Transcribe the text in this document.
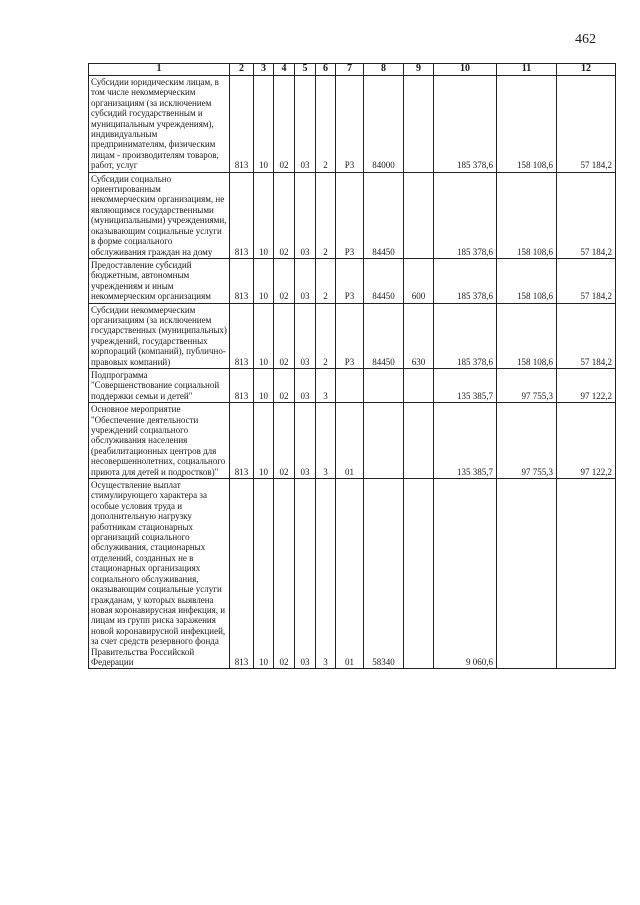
462
1	2	3	4	5	6	7	8	9	10	11	12
Субсидии юридическим лицам, в том числе некоммерческим организациям (за исключением субсидий государственным и муниципальным учреждениям), индивидуальным предпринимателям, физическим лицам - производителям товаров, работ, услуг	813	10	02	03	2	Р3	84000		185 378,6	158 108,6	57 184,2
Субсидии социально ориентированным некоммерческим организациям, не являющимся государственными (муниципальными) учреждениями, оказывающим социальные услуги в форме социального обслуживания граждан на дому	813	10	02	03	2	Р3	84450		185 378,6	158 108,6	57 184,2
Предоставление субсидий бюджетным, автономным учреждениям и иным некоммерческим организациям	813	10	02	03	2	Р3	84450	600	185 378,6	158 108,6	57 184,2
Субсидии некоммерческим организациям (за исключением государственных (муниципальных) учреждений, государственных корпораций (компаний), публично-правовых компаний)	813	10	02	03	2	Р3	84450	630	185 378,6	158 108,6	57 184,2
Подпрограмма "Совершенствование социальной поддержки семьи и детей"	813	10	02	03	3				135 385,7	97 755,3	97 122,2
Основное мероприятие "Обеспечение деятельности учреждений социального обслуживания населения (реабилитационных центров для несовершеннолетних, социального приюта для детей и подростков)"	813	10	02	03	3	01			135 385,7	97 755,3	97 122,2
Осуществление выплат стимулирующего характера за особые условия труда и дополнительную нагрузку работникам стационарных организаций социального обслуживания, стационарных отделений, созданных не в стационарных организациях социального обслуживания, оказывающим социальные услуги гражданам, у которых выявлена новая коронавирусная инфекция, и лицам из групп риска заражения новой коронавирусной инфекцией, за счет средств резервного фонда Правительства Российской Федерации	813	10	02	03	3	01	58340		9 060,6		
